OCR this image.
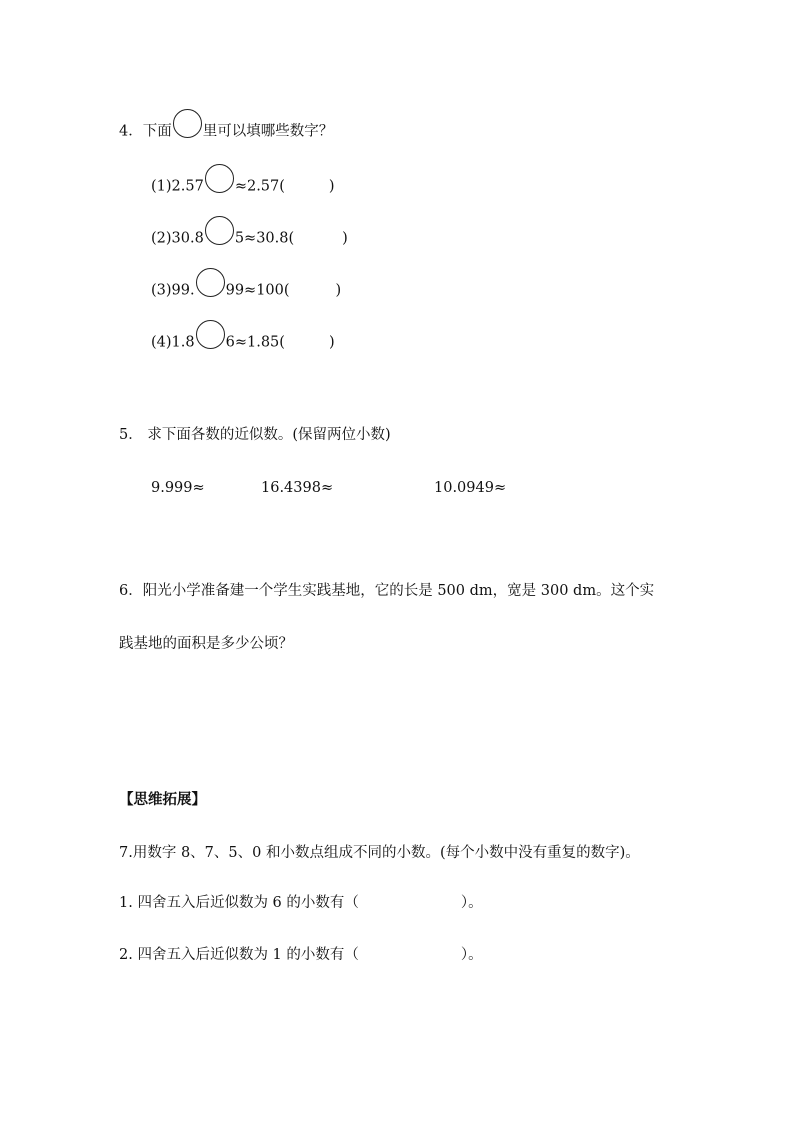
4．下面 里可以填哪些数字？
(1)2.57 ≈2.57(	)
(2)30.8 5≈30.8(	)
(3)99. 99≈100(	)
(4)1.8 6≈1.85(	)
5． 求下面各数的近似数。(保留两位小数)
9.999≈	16.4398≈	10.0949≈
6．阳光小学准备建一个学生实践基地，它的长是 500 dm，宽是 300 dm。这个实
践基地的面积是多少公顷？
【思维拓展】
7.用数字 8、7、5、0 和小数点组成不同的小数。(每个小数中没有重复的数字)。
1. 四舍五入后近似数为 6 的小数有（	）。
2. 四舍五入后近似数为 1 的小数有（	）。
